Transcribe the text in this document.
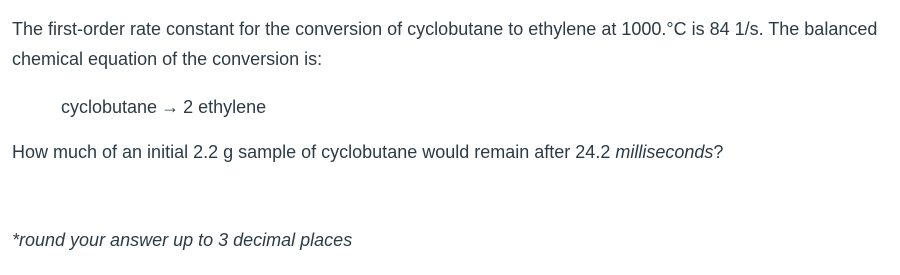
The first-order rate constant for the conversion of cyclobutane to ethylene at 1000.°C is 84 1/s. The balanced chemical equation of the conversion is:

cyclobutane → 2 ethylene

How much of an initial 2.2 g sample of cyclobutane would remain after 24.2 milliseconds?

*round your answer up to 3 decimal places
